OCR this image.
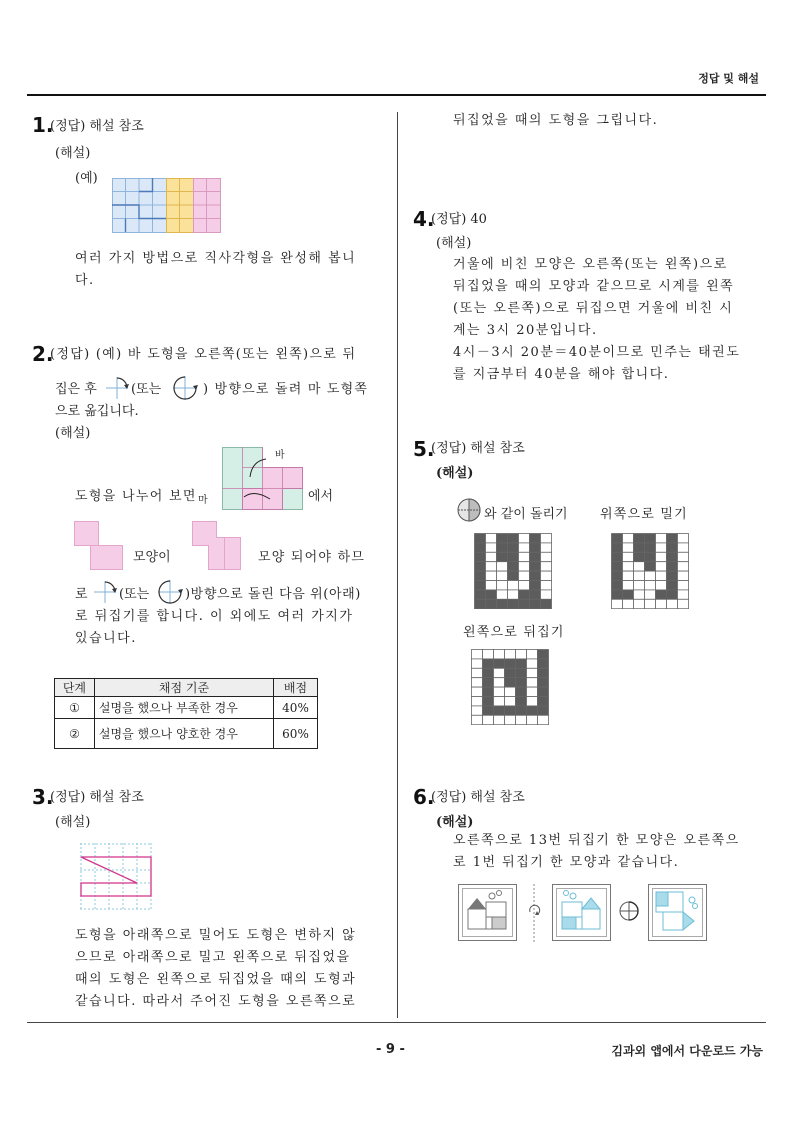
정답 및 해설
1.
(정답) 해설 참조
(해설)
(예)
여러 가지 방법으로 직사각형을 완성해 봅니다.
2.
(정답) (예) 바 도형을 오른쪽(또는 왼쪽)으로 뒤
집은 후	(또는	) 방향으로 돌려 마 도형쪽
으로 옮깁니다.
(해설)
바
마
도형을 나누어 보면	에서
모양이	모양 되어야 하므
로 (또는	)방향으로 돌린 다음 위(아래)
로 뒤집기를 합니다. 이 외에도 여러 가지가 있습니다.
단계	채점 기준	배점
①	설명을 했으나 부족한 경우	40%
②	설명을 했으나 양호한 경우	60%
3.
(정답) 해설 참조
(해설)
도형을 아래쪽으로 밀어도 도형은 변하지 않으므로 아래쪽으로 밀고 왼쪽으로 뒤집었을 때의 도형은 왼쪽으로 뒤집었을 때의 도형과 같습니다. 따라서 주어진 도형을 오른쪽으로
뒤집었을 때의 도형을 그립니다.
4.
(정답) 40
(해설)
거울에 비친 모양은 오른쪽(또는 왼쪽)으로 뒤집었을 때의 모양과 같으므로 시계를 왼쪽(또는 오른쪽)으로 뒤집으면 거울에 비친 시계는 3시 20분입니다.
4시－3시 20분＝40분이므로 민주는 태권도를 지금부터 40분을 해야 합니다.
5.
(정답) 해설 참조
(해설)
와 같이 돌리기 위쪽으로 밀기
왼쪽으로 뒤집기
6.
(정답) 해설 참조
(해설)
오른쪽으로 13번 뒤집기 한 모양은 오른쪽으로 1번 뒤집기 한 모양과 같습니다.
- 9 -	김과외 앱에서 다운로드 가능
